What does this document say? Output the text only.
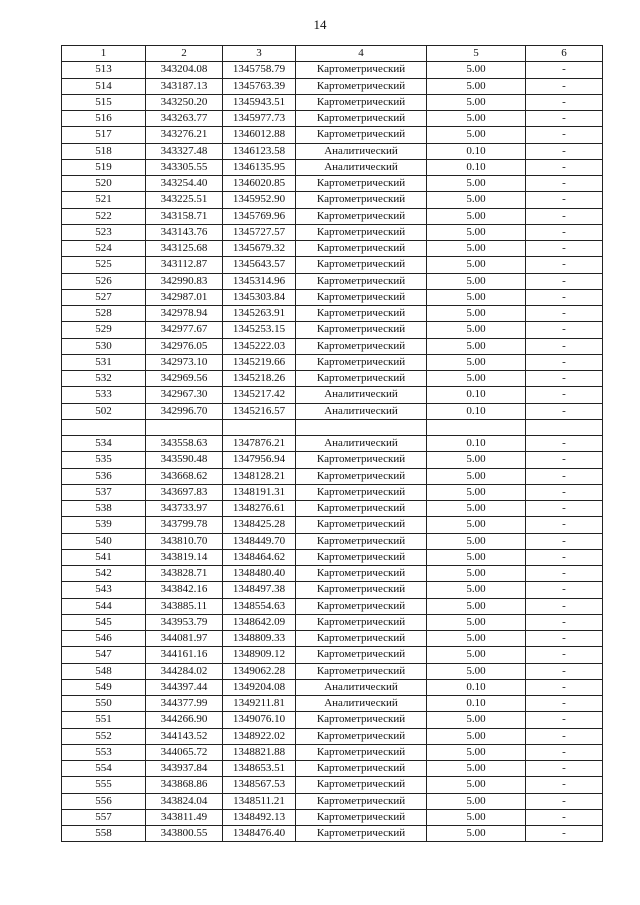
14
1	2	3	4	5	6
513	343204.08	1345758.79	Картометрический	5.00	-
514	343187.13	1345763.39	Картометрический	5.00	-
515	343250.20	1345943.51	Картометрический	5.00	-
516	343263.77	1345977.73	Картометрический	5.00	-
517	343276.21	1346012.88	Картометрический	5.00	-
518	343327.48	1346123.58	Аналитический	0.10	-
519	343305.55	1346135.95	Аналитический	0.10	-
520	343254.40	1346020.85	Картометрический	5.00	-
521	343225.51	1345952.90	Картометрический	5.00	-
522	343158.71	1345769.96	Картометрический	5.00	-
523	343143.76	1345727.57	Картометрический	5.00	-
524	343125.68	1345679.32	Картометрический	5.00	-
525	343112.87	1345643.57	Картометрический	5.00	-
526	342990.83	1345314.96	Картометрический	5.00	-
527	342987.01	1345303.84	Картометрический	5.00	-
528	342978.94	1345263.91	Картометрический	5.00	-
529	342977.67	1345253.15	Картометрический	5.00	-
530	342976.05	1345222.03	Картометрический	5.00	-
531	342973.10	1345219.66	Картометрический	5.00	-
532	342969.56	1345218.26	Картометрический	5.00	-
533	342967.30	1345217.42	Аналитический	0.10	-
502	342996.70	1345216.57	Аналитический	0.10	-

534	343558.63	1347876.21	Аналитический	0.10	-
535	343590.48	1347956.94	Картометрический	5.00	-
536	343668.62	1348128.21	Картометрический	5.00	-
537	343697.83	1348191.31	Картометрический	5.00	-
538	343733.97	1348276.61	Картометрический	5.00	-
539	343799.78	1348425.28	Картометрический	5.00	-
540	343810.70	1348449.70	Картометрический	5.00	-
541	343819.14	1348464.62	Картометрический	5.00	-
542	343828.71	1348480.40	Картометрический	5.00	-
543	343842.16	1348497.38	Картометрический	5.00	-
544	343885.11	1348554.63	Картометрический	5.00	-
545	343953.79	1348642.09	Картометрический	5.00	-
546	344081.97	1348809.33	Картометрический	5.00	-
547	344161.16	1348909.12	Картометрический	5.00	-
548	344284.02	1349062.28	Картометрический	5.00	-
549	344397.44	1349204.08	Аналитический	0.10	-
550	344377.99	1349211.81	Аналитический	0.10	-
551	344266.90	1349076.10	Картометрический	5.00	-
552	344143.52	1348922.02	Картометрический	5.00	-
553	344065.72	1348821.88	Картометрический	5.00	-
554	343937.84	1348653.51	Картометрический	5.00	-
555	343868.86	1348567.53	Картометрический	5.00	-
556	343824.04	1348511.21	Картометрический	5.00	-
557	343811.49	1348492.13	Картометрический	5.00	-
558	343800.55	1348476.40	Картометрический	5.00	-
